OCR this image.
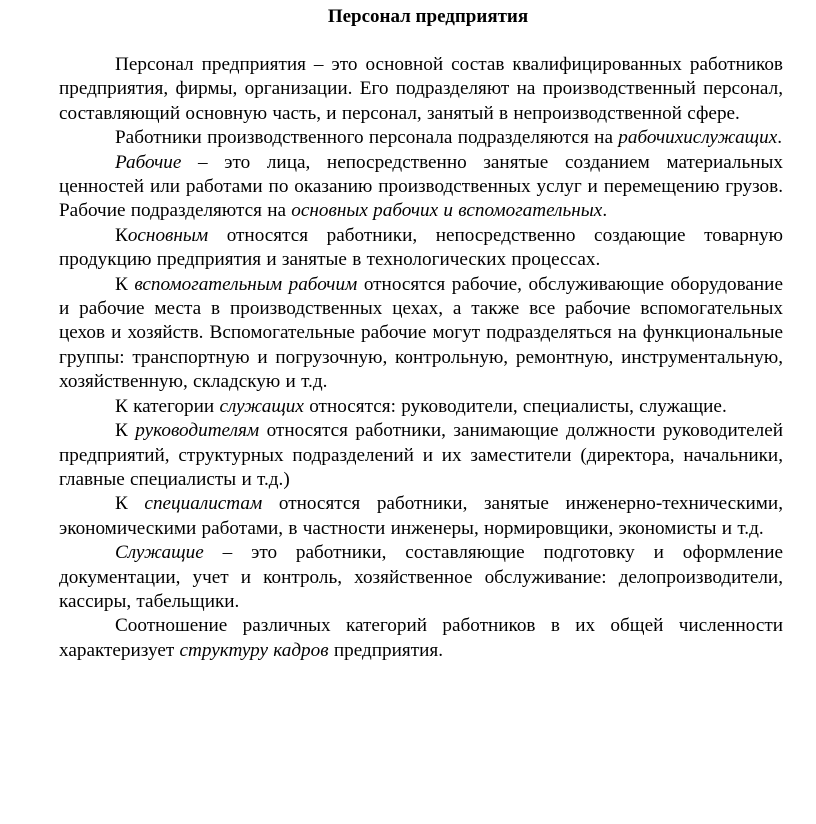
Персонал предприятия

Персонал предприятия – это основной состав квалифицированных работников предприятия, фирмы, организации. Его подразделяют на производственный персонал, составляющий основную часть, и персонал, занятый в непроизводственной сфере.

Работники производственного персонала подразделяются на рабочихислужащих.

Рабочие – это лица, непосредственно занятые созданием материальных ценностей или работами по оказанию производственных услуг и перемещению грузов. Рабочие подразделяются на основных рабочих и вспомогательных.

Косновным относятся работники, непосредственно создающие товарную продукцию предприятия и занятые в технологических процессах.

К вспомогательным рабочим относятся рабочие, обслуживающие оборудование и рабочие места в производственных цехах, а также все рабочие вспомогательных цехов и хозяйств. Вспомогательные рабочие могут подразделяться на функциональные группы: транспортную и погрузочную, контрольную, ремонтную, инструментальную, хозяйственную, складскую и т.д.

К категории служащих относятся: руководители, специалисты, служащие.

К руководителям относятся работники, занимающие должности руководителей предприятий, структурных подразделений и их заместители (директора, начальники, главные специалисты и т.д.)

К специалистам относятся работники, занятые инженерно-техническими, экономическими работами, в частности инженеры, нормировщики, экономисты и т.д.

Служащие – это работники, составляющие подготовку и оформление документации, учет и контроль, хозяйственное обслуживание: делопроизводители, кассиры, табельщики.

Соотношение различных категорий работников в их общей численности характеризует структуру кадров предприятия.
